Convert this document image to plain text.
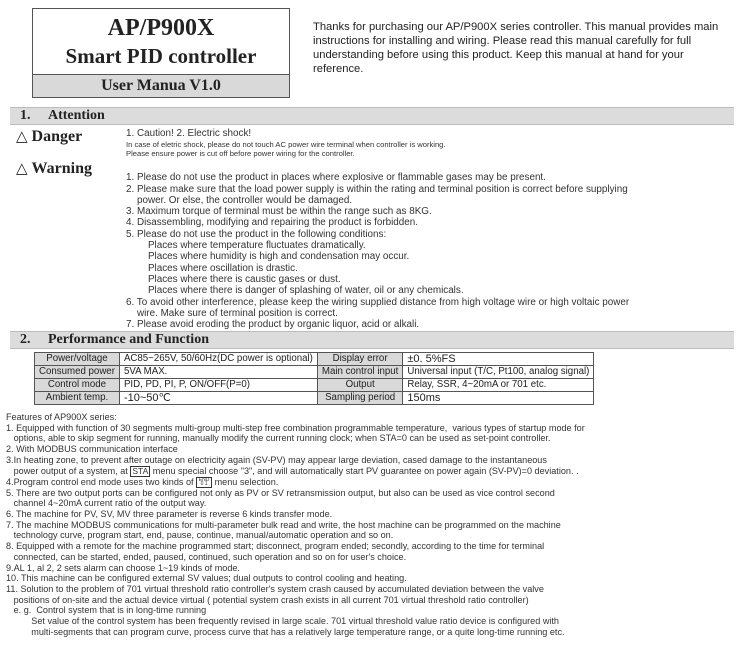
AP/P900X
Smart PID controller
User Manua V1.0
Thanks for purchasing our AP/P900X series controller. This manual provides main instructions for installing and wiring. Please read this manual carefully for full understanding before using this product. Keep this manual at hand for your reference.
1. Attention
△ Danger	1. Caution! 2. Electric shock!
In case of eletric shock, please do not touch AC power wire terminal when controller is working.
Please ensure power is cut off before power wiring for the controller.
△ Warning

1. Please do not use the product in places where explosive or flammable gases may be present.
2. Please make sure that the load power supply is within the rating and terminal position is correct before supplying
power. Or else, the controller would be damaged.
3. Maximum torque of terminal must be within the range such as 8KG.
4. Disassembling, modifying and repairing the product is forbidden.
5. Please do not use the product in the following conditions:
Places where temperature fluctuates dramatically.
Places where humidity is high and condensation may occur.
Places where oscillation is drastic.
Places where there is caustic gases or dust.
Places where there is danger of splashing of water, oil or any chemicals.
6. To avoid other interference, please keep the wiring supplied distance from high voltage wire or high voltaic power
wire. Make sure of terminal position is correct.
7. Please avoid eroding the product by organic liquor, acid or alkali.

2. Performance and Function
Power/voltage	AC85~265V, 50/60Hz(DC power is optional)	Display error	±0. 5%FS
Consumed power	5VA MAX.	Main control input	Universal input (T/C, Pt100, analog signal)
Control mode	PID, PD, PI, P, ON/OFF(P=0)	Output	Relay, SSR, 4~20mA or 701 etc.
Ambient temp.	-10~50℃	Sampling period	150ms
Features of AP900X series:
1. Equipped with function of 30 segments multi-group multi-step free combination programmable temperature,  various types of startup mode for
options, able to skip segment for running, manually modify the current running clock; when STA=0 can be used as set-point controller.
2. With MODBUS communication interface
3.In heating zone, to prevent after outage on electricity again (SV-PV) may appear large deviation, cased damage to the instantaneous
power output of a system, at STA menu special choose "3", and will automatically start PV guarantee on power again (SV-PV)=0 deviation. .
4.Program control end mode uses two kinds of END
0 1 menu selection.
5. There are two output ports can be configured not only as PV or SV retransmission output, but also can be used as vice control second
channel 4~20mA current ratio of the output way.
6. The machine for PV, SV, MV three parameter is reverse 6 kinds transfer mode.
7. The machine MODBUS communications for multi-parameter bulk read and write, the host machine can be programmed on the machine
technology curve, program start, end, pause, continue, manual/automatic operation and so on.
8. Equipped with a remote for the machine programmed start; disconnect, program ended; secondly, according to the time for terminal
connected, can be started, ended, paused, continued, such operation and so on for user's choice.
9.AL 1, al 2, 2 sets alarm can choose 1~19 kinds of mode.
10. This machine can be configured external SV values; dual outputs to control cooling and heating.
11. Solution to the problem of 701 virtual threshold ratio controller's system crash caused by accumulated deviation between the valve
positions of on-site and the actual device virtual ( potential system crash exists in all current 701 virtual threshold ratio controller)
e. g.  Control system that is in long-time running
Set value of the control system has been frequently revised in large scale. 701 virtual threshold value ratio device is configured with
multi-segments that can program curve, process curve that has a relatively large temperature range, or a quite long-time running etc.
